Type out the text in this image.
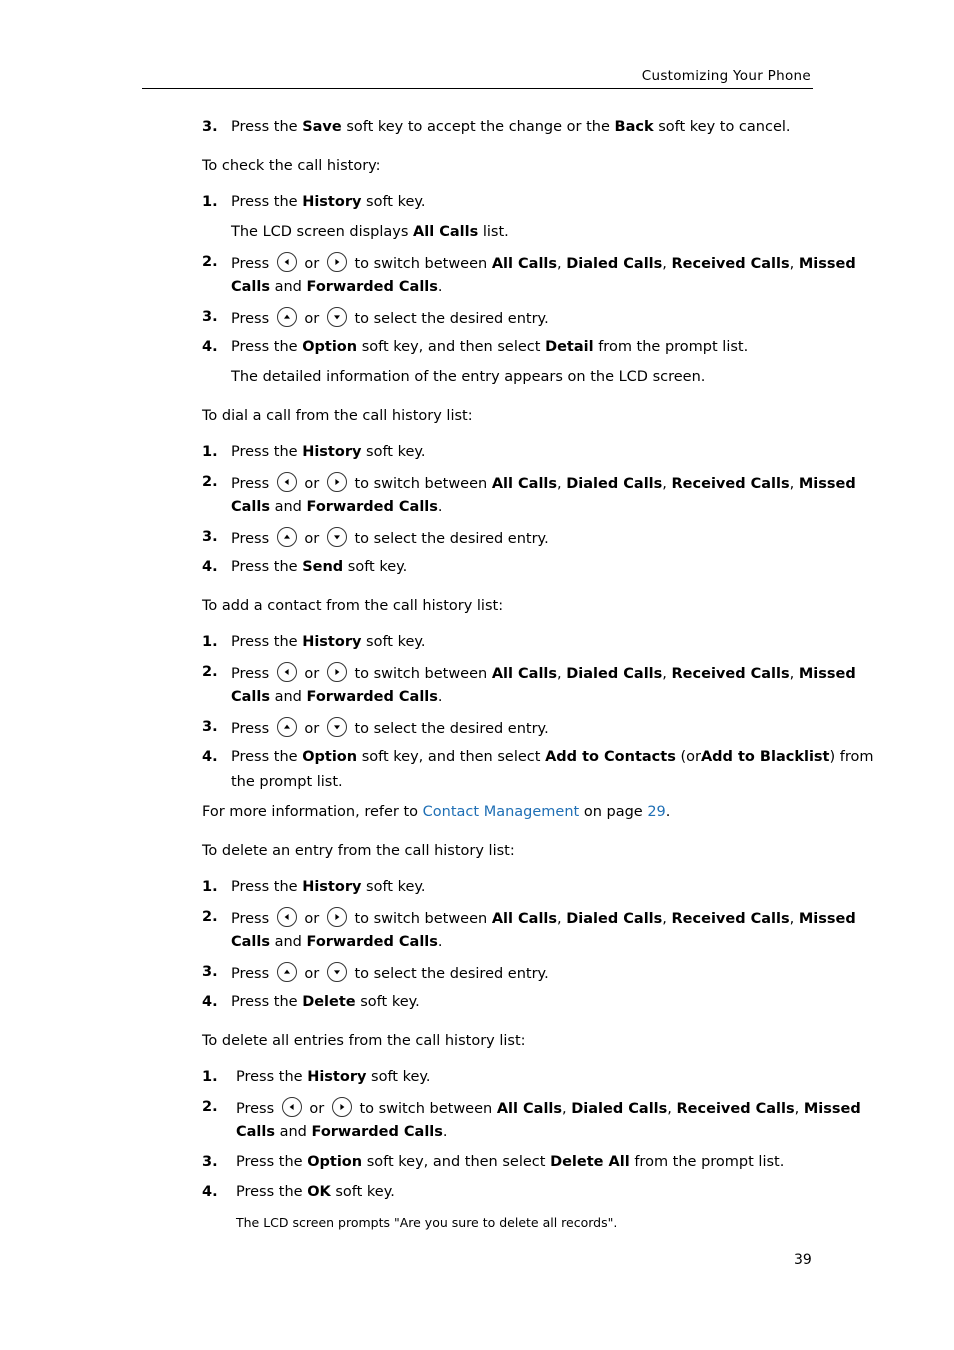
Customizing Your Phone
3. Press the Save soft key to accept the change or the Back soft key to cancel.
To check the call history:
1. Press the History soft key.
The LCD screen displays All Calls list.
2. Press or to switch between All Calls, Dialed Calls, Received Calls, Missed
Calls and Forwarded Calls.
3. Press or to select the desired entry.
4. Press the Option soft key, and then select Detail from the prompt list.
The detailed information of the entry appears on the LCD screen.
To dial a call from the call history list:
1. Press the History soft key.
2. Press or to switch between All Calls, Dialed Calls, Received Calls, Missed
Calls and Forwarded Calls.
3. Press or to select the desired entry.
4. Press the Send soft key.
To add a contact from the call history list:
1. Press the History soft key.
2. Press or to switch between All Calls, Dialed Calls, Received Calls, Missed
Calls and Forwarded Calls.
3. Press or to select the desired entry.
4. Press the Option soft key, and then select Add to Contacts (orAdd to Blacklist) from
the prompt list.
For more information, refer to Contact Management on page 29.
To delete an entry from the call history list:
1. Press the History soft key.
2. Press or to switch between All Calls, Dialed Calls, Received Calls, Missed
Calls and Forwarded Calls.
3. Press or to select the desired entry.
4. Press the Delete soft key.
To delete all entries from the call history list:
1. Press the History soft key.
2. Press or to switch between All Calls, Dialed Calls, Received Calls, Missed
Calls and Forwarded Calls.
3. Press the Option soft key, and then select Delete All from the prompt list.
4. Press the OK soft key.
The LCD screen prompts "Are you sure to delete all records".
39
